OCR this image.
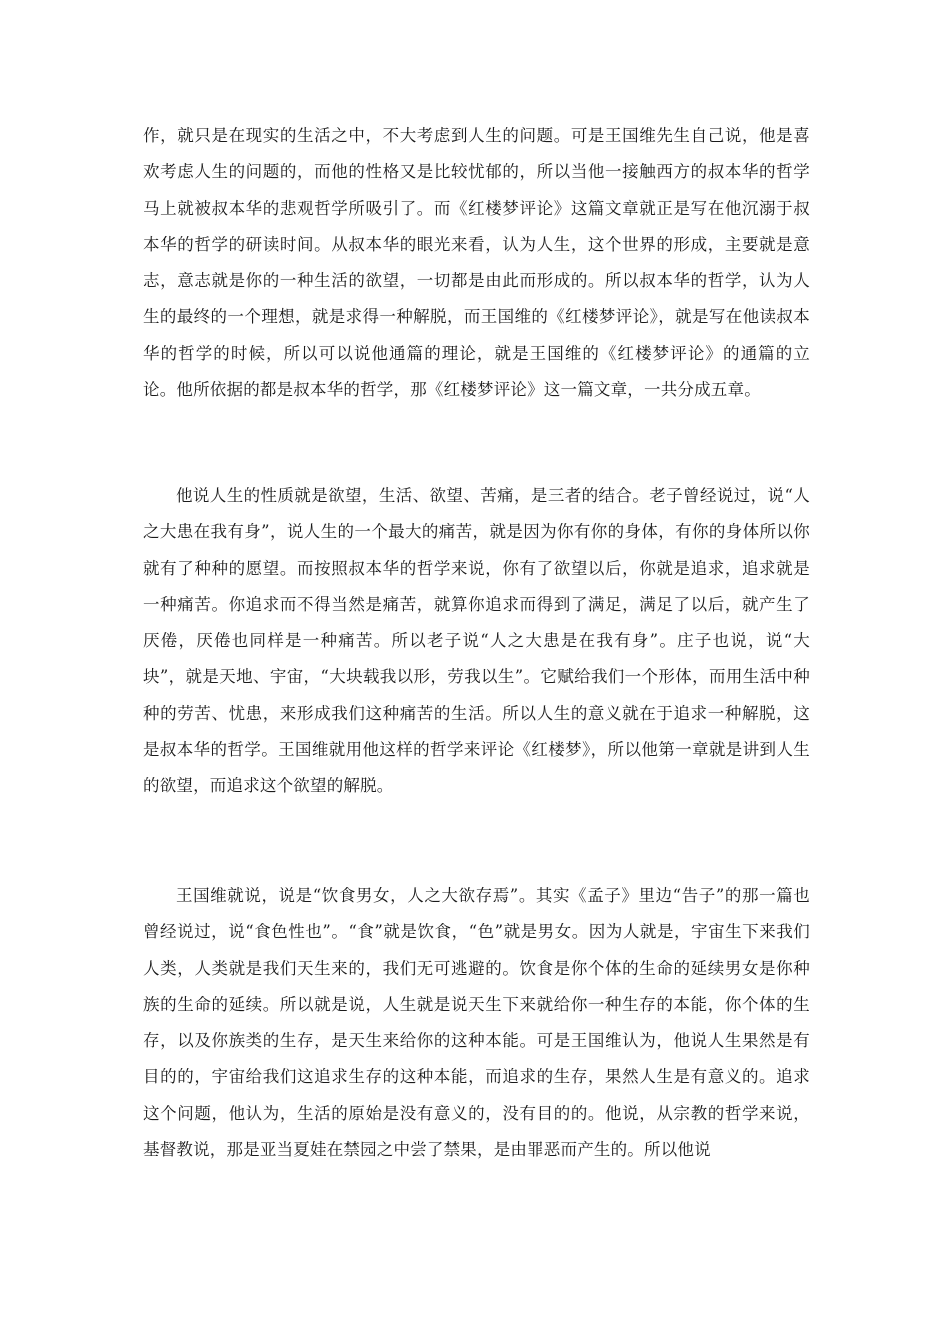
作，就只是在现实的生活之中，不大考虑到人生的问题。可是王国维先生自己说，他是喜欢考虑人生的问题的，而他的性格又是比较忧郁的，所以当他一接触西方的叔本华的哲学马上就被叔本华的悲观哲学所吸引了。而《红楼梦评论》这篇文章就正是写在他沉溺于叔本华的哲学的研读时间。从叔本华的眼光来看，认为人生，这个世界的形成，主要就是意志，意志就是你的一种生活的欲望，一切都是由此而形成的。所以叔本华的哲学，认为人生的最终的一个理想，就是求得一种解脱，而王国维的《红楼梦评论》，就是写在他读叔本华的哲学的时候，所以可以说他通篇的理论，就是王国维的《红楼梦评论》的通篇的立论。他所依据的都是叔本华的哲学，那《红楼梦评论》这一篇文章，一共分成五章。

他说人生的性质就是欲望，生活、欲望、苦痛，是三者的结合。老子曾经说过，说“人之大患在我有身”，说人生的一个最大的痛苦，就是因为你有你的身体，有你的身体所以你就有了种种的愿望。而按照叔本华的哲学来说，你有了欲望以后，你就是追求，追求就是一种痛苦。你追求而不得当然是痛苦，就算你追求而得到了满足，满足了以后，就产生了厌倦，厌倦也同样是一种痛苦。所以老子说“人之大患是在我有身”。庄子也说，说“大块”，就是天地、宇宙，“大块载我以形，劳我以生”。它赋给我们一个形体，而用生活中种种的劳苦、忧患，来形成我们这种痛苦的生活。所以人生的意义就在于追求一种解脱，这是叔本华的哲学。王国维就用他这样的哲学来评论《红楼梦》，所以他第一章就是讲到人生的欲望，而追求这个欲望的解脱。

王国维就说，说是“饮食男女，人之大欲存焉”。其实《孟子》里边“告子”的那一篇也曾经说过，说“食色性也”。“食”就是饮食，“色”就是男女。因为人就是，宇宙生下来我们人类，人类就是我们天生来的，我们无可逃避的。饮食是你个体的生命的延续男女是你种族的生命的延续。所以就是说，人生就是说天生下来就给你一种生存的本能，你个体的生存，以及你族类的生存，是天生来给你的这种本能。可是王国维认为，他说人生果然是有目的的，宇宙给我们这追求生存的这种本能，而追求的生存，果然人生是有意义的。追求这个问题，他认为，生活的原始是没有意义的，没有目的的。他说，从宗教的哲学来说，基督教说，那是亚当夏娃在禁园之中尝了禁果，是由罪恶而产生的。所以他说
